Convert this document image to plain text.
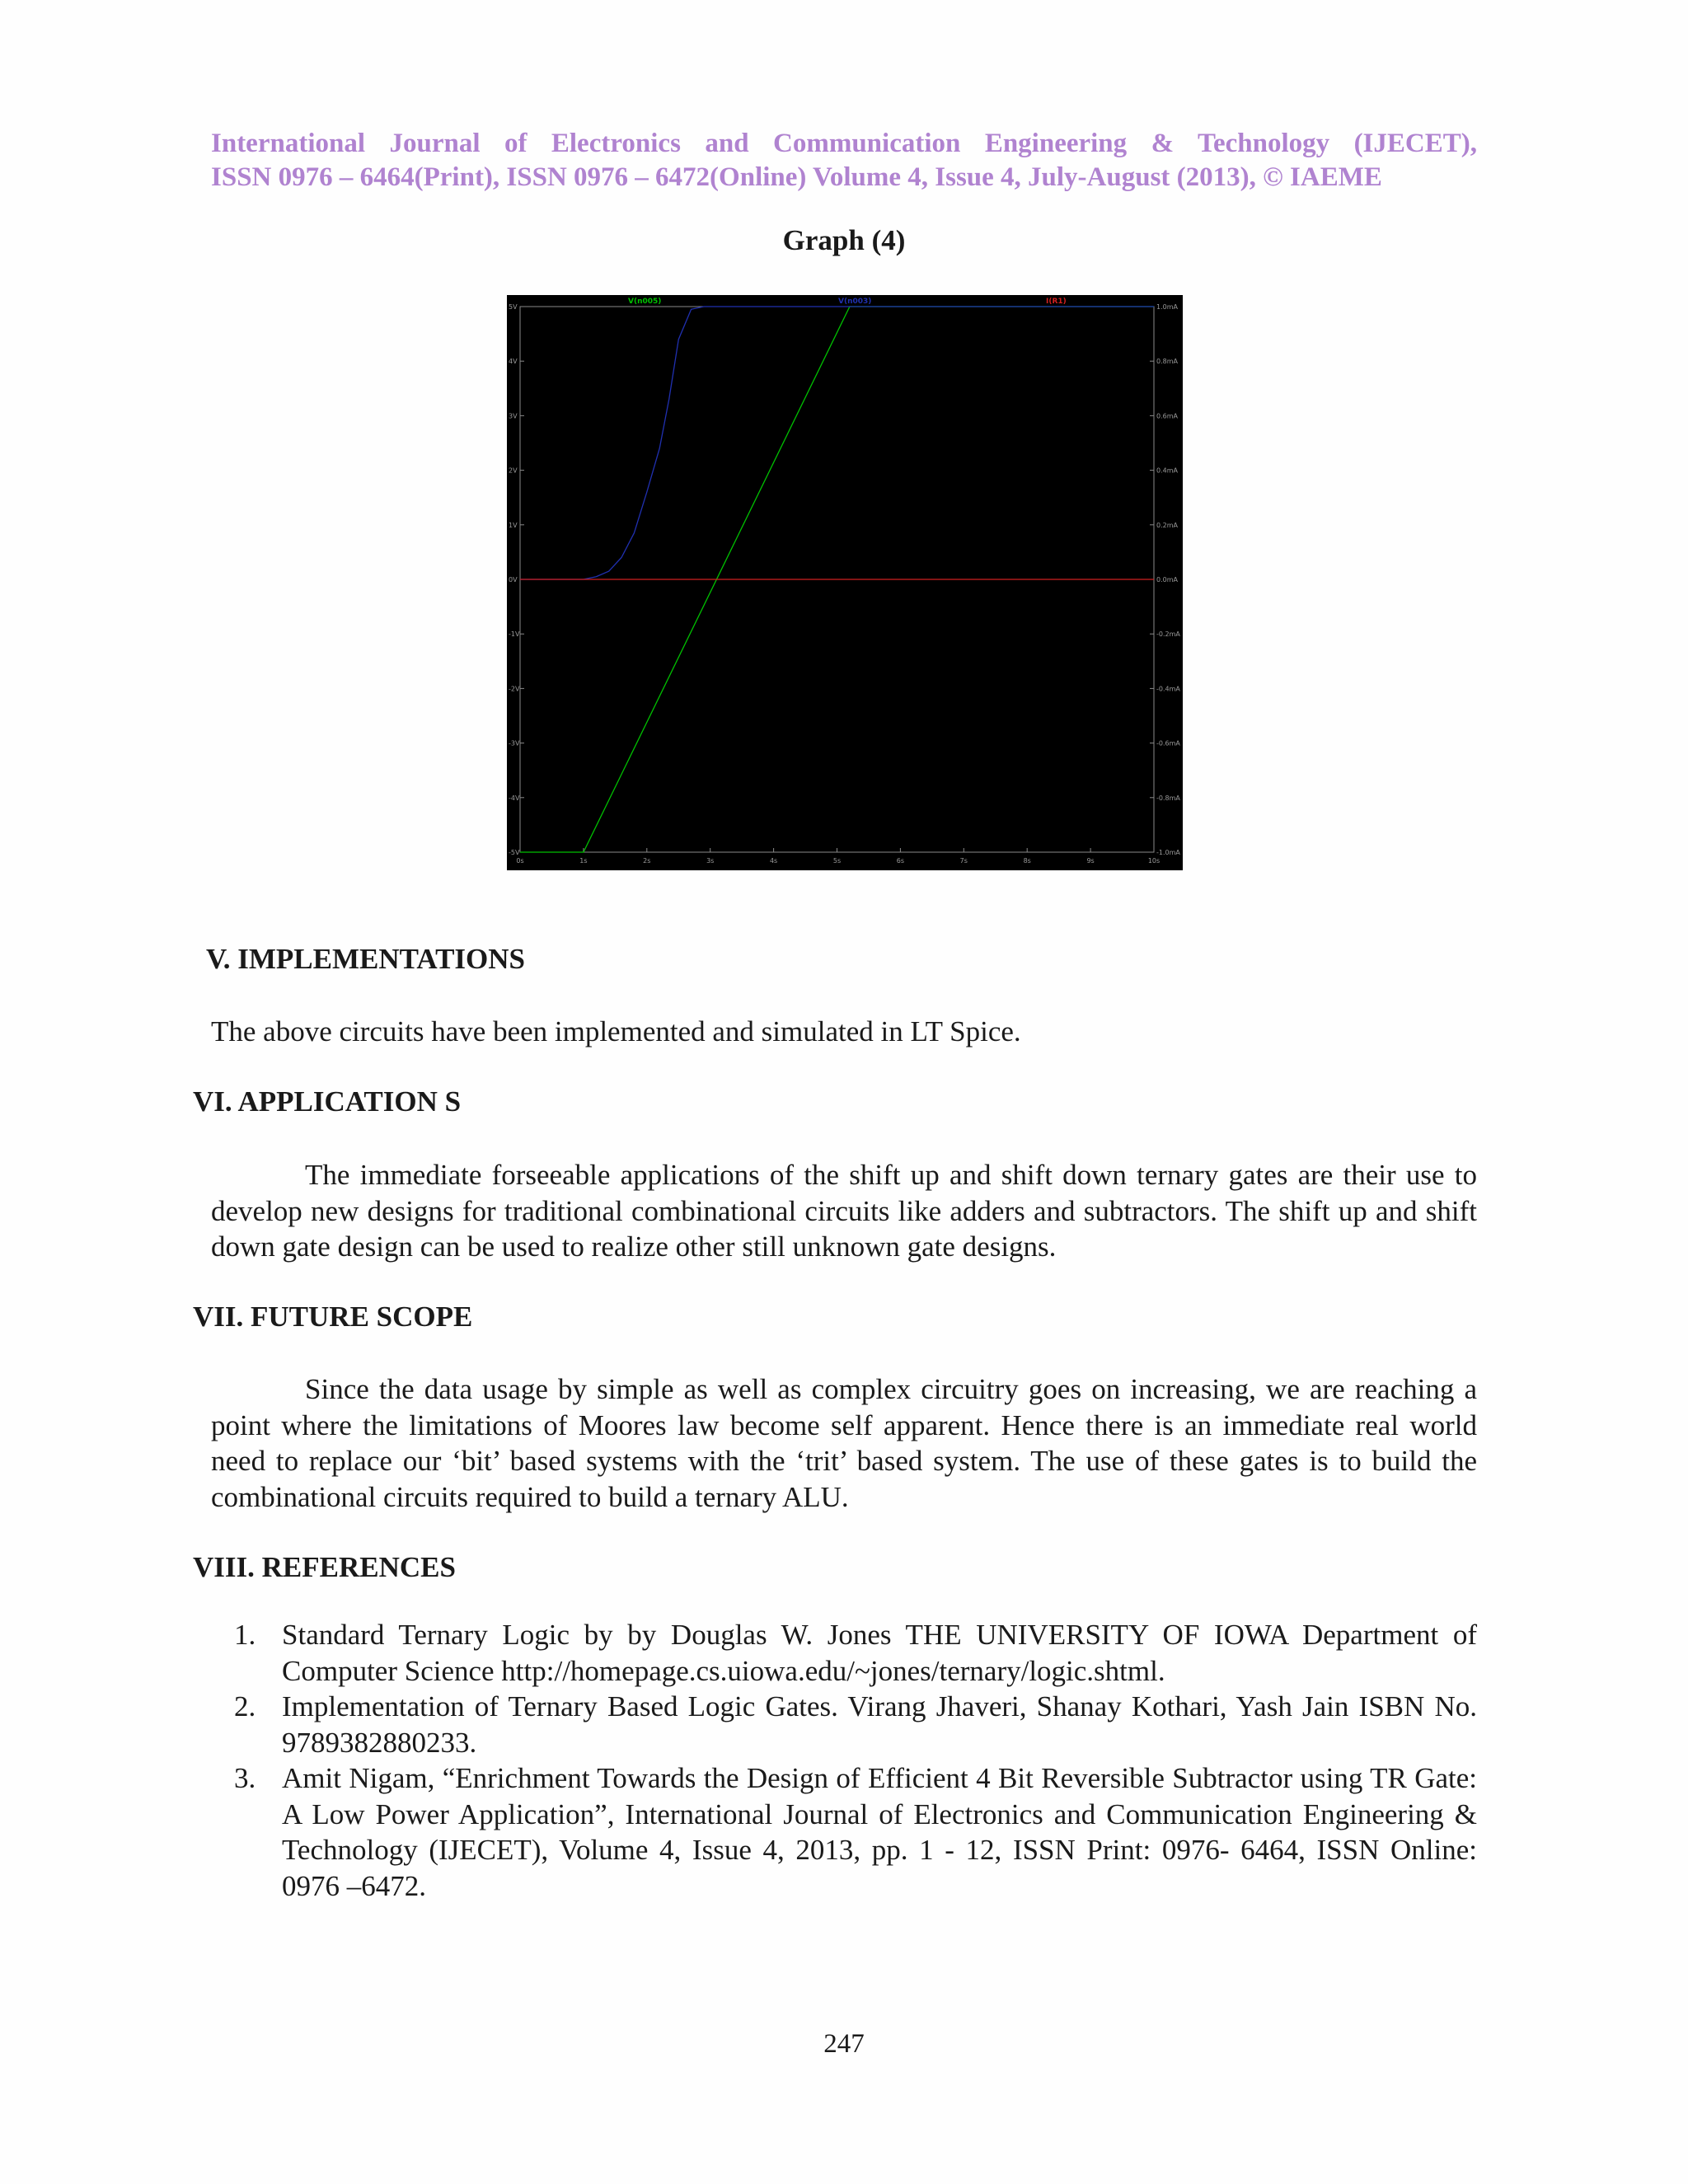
International Journal of Electronics and Communication Engineering & Technology (IJECET),
ISSN 0976 – 6464(Print), ISSN 0976 – 6472(Online) Volume 4, Issue 4, July-August (2013), © IAEME
Graph (4)
5V
4V
3V
2V
1V
0V
-1V
-2V
-3V
-4V
-5V
1.0mA
0.8mA
0.6mA
0.4mA
0.2mA
0.0mA
-0.2mA
-0.4mA
-0.6mA
-0.8mA
-1.0mA
0s	1s	2s	3s	4s	5s	6s	7s	8s	9s	10s
V(n005)	V(n003)	I(R1)
V. IMPLEMENTATIONS

The above circuits have been implemented and simulated in LT Spice.

VI. APPLICATION S

The immediate forseeable applications of the shift up and shift down ternary gates are their use to develop new designs for traditional combinational circuits like adders and subtractors. The shift up and shift down gate design can be used to realize other still unknown gate designs.

VII. FUTURE SCOPE

Since the data usage by simple as well as complex circuitry goes on increasing, we are reaching a point where the limitations of Moores law become self apparent. Hence there is an immediate real world need to replace our ‘bit’ based systems with the ‘trit’ based system. The use of these gates is to build the combinational circuits required to build a ternary ALU.

VIII. REFERENCES
1. Standard Ternary Logic by by Douglas W. Jones THE UNIVERSITY OF IOWA Department of Computer Science http://homepage.cs.uiowa.edu/~jones/ternary/logic.shtml.
2. Implementation of Ternary Based Logic Gates. Virang Jhaveri, Shanay Kothari, Yash Jain ISBN No. 9789382880233.
3. Amit Nigam, “Enrichment Towards the Design of Efficient 4 Bit Reversible Subtractor using TR Gate: A Low Power Application”, International Journal of Electronics and Communication Engineering & Technology (IJECET), Volume 4, Issue 4, 2013, pp. 1 - 12, ISSN Print: 0976- 6464, ISSN Online: 0976 –6472.
247
